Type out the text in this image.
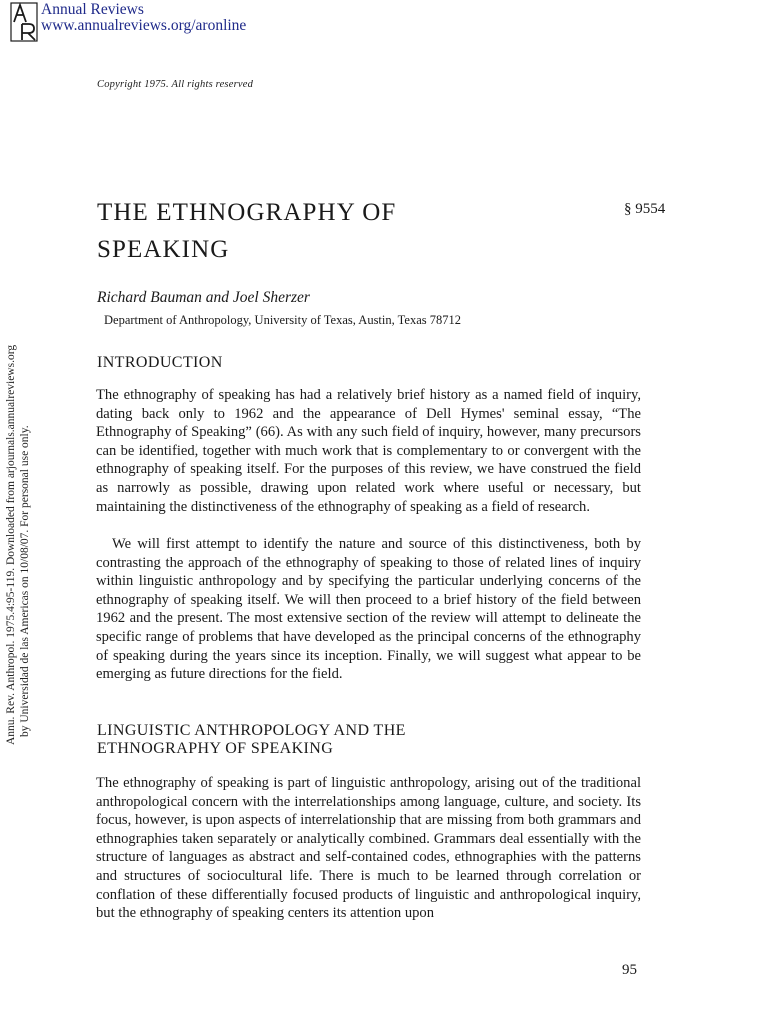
Annual Reviews
www.annualreviews.org/aronline
Copyright 1975. All rights reserved
THE ETHNOGRAPHY OF
SPEAKING
§ 9554
Richard Bauman and Joel Sherzer
Department of Anthropology, University of Texas, Austin, Texas 78712
INTRODUCTION

The ethnography of speaking has had a relatively brief history as a named field of inquiry, dating back only to 1962 and the appearance of Dell Hymes' seminal essay, “The Ethnography of Speaking” (66). As with any such field of inquiry, however, many precursors can be identified, together with much work that is complementary to or convergent with the ethnography of speaking itself. For the purposes of this review, we have construed the field as narrowly as possible, drawing upon related work where useful or necessary, but maintaining the distinctiveness of the ethnography of speaking as a field of research.

We will first attempt to identify the nature and source of this distinctiveness, both by contrasting the approach of the ethnography of speaking to those of related lines of inquiry within linguistic anthropology and by specifying the particular underlying concerns of the ethnography of speaking itself. We will then proceed to a brief history of the field between 1962 and the present. The most extensive section of the review will attempt to delineate the specific range of problems that have developed as the principal concerns of the ethnography of speaking during the years since its inception. Finally, we will suggest what appear to be emerging as future directions for the field.

LINGUISTIC ANTHROPOLOGY AND THE
ETHNOGRAPHY OF SPEAKING

The ethnography of speaking is part of linguistic anthropology, arising out of the traditional anthropological concern with the interrelationships among language, culture, and society. Its focus, however, is upon aspects of interrelationship that are missing from both grammars and ethnographies taken separately or analytically combined. Grammars deal essentially with the structure of languages as abstract and self-contained codes, ethnographies with the patterns and structures of sociocultural life. There is much to be learned through correlation or conflation of these differentially focused products of linguistic and anthropological inquiry, but the ethnography of speaking centers its attention upon

95
Annu. Rev. Anthropol. 1975.4:95-119. Downloaded from arjournals.annualreviews.org by Universidad de las Americas on 10/08/07. For personal use only.
